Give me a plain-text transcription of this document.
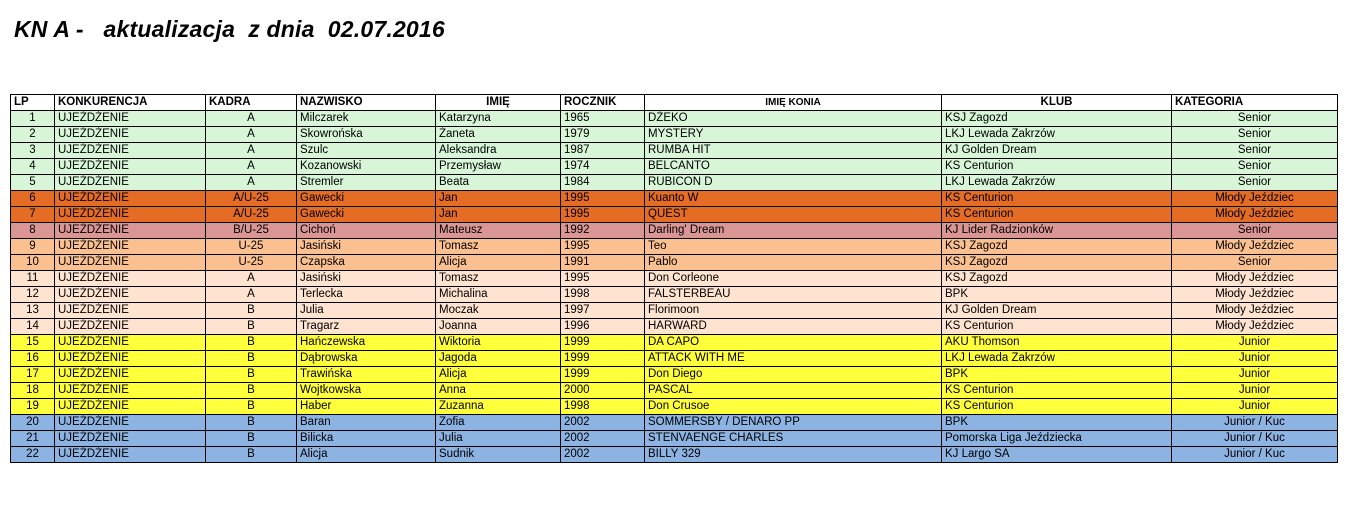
KN A -   aktualizacja  z dnia  02.07.2016
LP	KONKURENCJA	KADRA	NAZWISKO	IMIĘ	ROCZNIK	IMIĘ KONIA	KLUB	KATEGORIA
1	UJEŻDŻENIE	A	Milczarek	Katarzyna	1965	DŻEKO	KSJ Zagozd	Senior
2	UJEŻDŻENIE	A	Skowrońska	Żaneta	1979	MYSTERY	LKJ Lewada Zakrzów	Senior
3	UJEŻDŻENIE	A	Szulc	Aleksandra	1987	RUMBA HIT	KJ Golden Dream	Senior
4	UJEŻDŻENIE	A	Kozanowski	Przemysław	1974	BELCANTO	KS Centurion	Senior
5	UJEŻDŻENIE	A	Stremler	Beata	1984	RUBICON D	LKJ Lewada Zakrzów	Senior
6	UJEŻDŻENIE	A/U-25	Gawecki	Jan	1995	Kuanto W	KS Centurion	Młody Jeździec
7	UJEŻDŻENIE	A/U-25	Gawecki	Jan	1995	QUEST	KS Centurion	Młody Jeździec
8	UJEŻDŻENIE	B/U-25	Cichoń	Mateusz	1992	Darling' Dream	KJ Lider Radzionków	Senior
9	UJEŻDŻENIE	U-25	Jasiński	Tomasz	1995	Teo	KSJ Zagozd	Młody Jeździec
10	UJEŻDŻENIE	U-25	Czapska	Alicja	1991	Pablo	KSJ Zagozd	Senior
11	UJEŻDŻENIE	A	Jasiński	Tomasz	1995	Don Corleone	KSJ Zagozd	Młody Jeździec
12	UJEŻDŻENIE	A	Terlecka	Michalina	1998	FALSTERBEAU	BPK	Młody Jeździec
13	UJEŻDŻENIE	B	Julia	Moczak	1997	Florimoon	KJ Golden Dream	Młody Jeździec
14	UJEŻDŻENIE	B	Tragarz	Joanna	1996	HARWARD	KS Centurion	Młody Jeździec
15	UJEŻDŻENIE	B	Hańczewska	Wiktoria	1999	DA CAPO	AKU Thomson	Junior
16	UJEŻDŻENIE	B	Dąbrowska	Jagoda	1999	ATTACK WITH ME	LKJ Lewada Zakrzów	Junior
17	UJEŻDŻENIE	B	Trawińska	Alicja	1999	Don Diego	BPK	Junior
18	UJEŻDŻENIE	B	Wojtkowska	Anna	2000	PASCAL	KS Centurion	Junior
19	UJEŻDŻENIE	B	Haber	Zuzanna	1998	Don Crusoe	KS Centurion	Junior
20	UJEŻDŻENIE	B	Baran	Zofia	2002	SOMMERSBY / DENARO PP	BPK	Junior / Kuc
21	UJEŻDŻENIE	B	Bilicka	Julia	2002	STENVAENGE CHARLES	Pomorska Liga Jeździecka	Junior / Kuc
22	UJEŻDŻENIE	B	Alicja	Sudnik	2002	BILLY 329	KJ Largo SA	Junior / Kuc
